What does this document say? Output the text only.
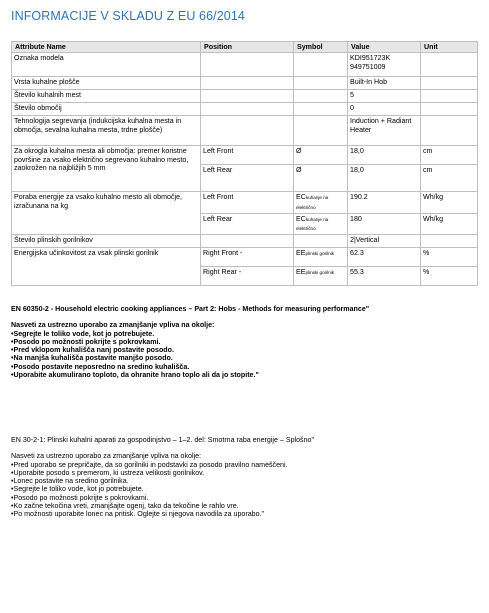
INFORMACIJE V SKLADU Z EU 66/2014
Attribute Name	Position	Symbol	Value	Unit
Oznaka modela			KDI951723K 949751009	
Vrsta kuhalne plošče			Built-In Hob	
Število kuhalnih mest			5	
Število območij			0	
Tehnologija segrevanja (indukcijska kuhalna mesta in območja, sevalna kuhalna mesta, trdne plošče)			Induction + Radiant Heater	
Za okrogla kuhalna mesta ali območja: premer koristne površine za vsako električno segrevano kuhalno mesto, zaokrožen na najbližjih 5 mm	Left Front	Ø	18,0	cm
	Left Rear	Ø	18,0	cm
Poraba energije za vsako kuhalno mesto ali območje, izračunana na kg	Left Front	ECkuhanje na električno	190.2	Wh/kg
	Left Rear	ECkuhanje na električno	180	Wh/kg
Število plinskih gorilnikov			2|Vertical	
Energijska učinkovitost za vsak plinski gorilnik	Right Front -	EEplinski gorilnik	62.3	%
	Right Rear -	EEplinski gorilnik	55.3	%
EN 60350-2 - Household electric cooking appliances – Part 2: Hobs - Methods for measuring performance"
Nasveti za ustrezno uporabo za zmanjšanje vpliva na okolje:
• Segrejte le toliko vode, kot jo potrebujete.
• Posodo po možnosti pokrijte s pokrovkami.
• Pred vklopom kuhališča nanj postavite posodo.
• Na manjša kuhališča postavite manjšo posodo.
• Posodo postavite neposredno na sredino kuhališča.
• Uporabite akumulirano toploto, da ohranite hrano toplo ali da jo stopite."
EN 30-2-1: Plinski kuhalni aparati za gospodinjstvo – 1–2. del: Smotrna raba energije – Splošno"
Nasveti za ustrezno uporabo za zmanjšanje vpliva na okolje:
• Pred uporabo se prepričajte, da so gorilniki in podstavki za posodo pravilno nameščeni.
• Uporabite posodo s premerom, ki ustreza velikosti gorilnikov.
• Lonec postavite na sredino gorilnika.
• Segrejte le toliko vode, kot jo potrebujete.
• Posodo po možnosti pokrijte s pokrovkami.
• Ko začne tekočina vreti, zmanjšajte ogenj, tako da tekočine le rahlo vre.
• Po možnosti uporabite lonec na pritisk. Oglejte si njegova navodila za uporabo."
